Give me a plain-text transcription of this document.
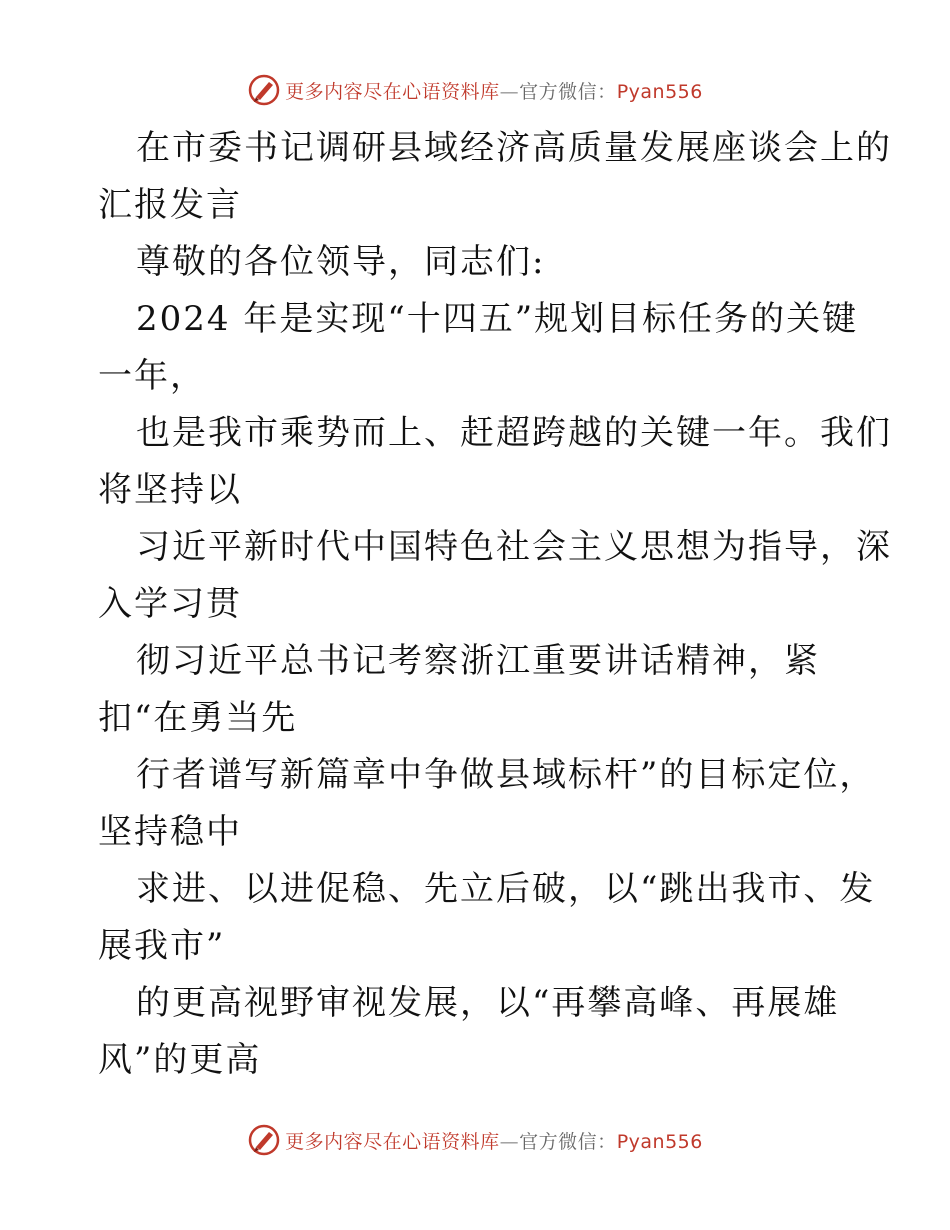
更多内容尽在心语资料库—官方微信：Pyan556
在市委书记调研县域经济高质量发展座谈会上的
汇报发言
尊敬的各位领导，同志们:
2024 年是实现“十四五”规划目标任务的关键
一年，
也是我市乘势而上、赶超跨越的关键一年。我们
将坚持以
习近平新时代中国特色社会主义思想为指导，深
入学习贯
彻习近平总书记考察浙江重要讲话精神，紧
扣“在勇当先
行者谱写新篇章中争做县域标杆”的目标定位，
坚持稳中
求进、以进促稳、先立后破，以“跳出我市、发
展我市”
的更高视野审视发展，以“再攀高峰、再展雄
风”的更高
更多内容尽在心语资料库—官方微信：Pyan556
